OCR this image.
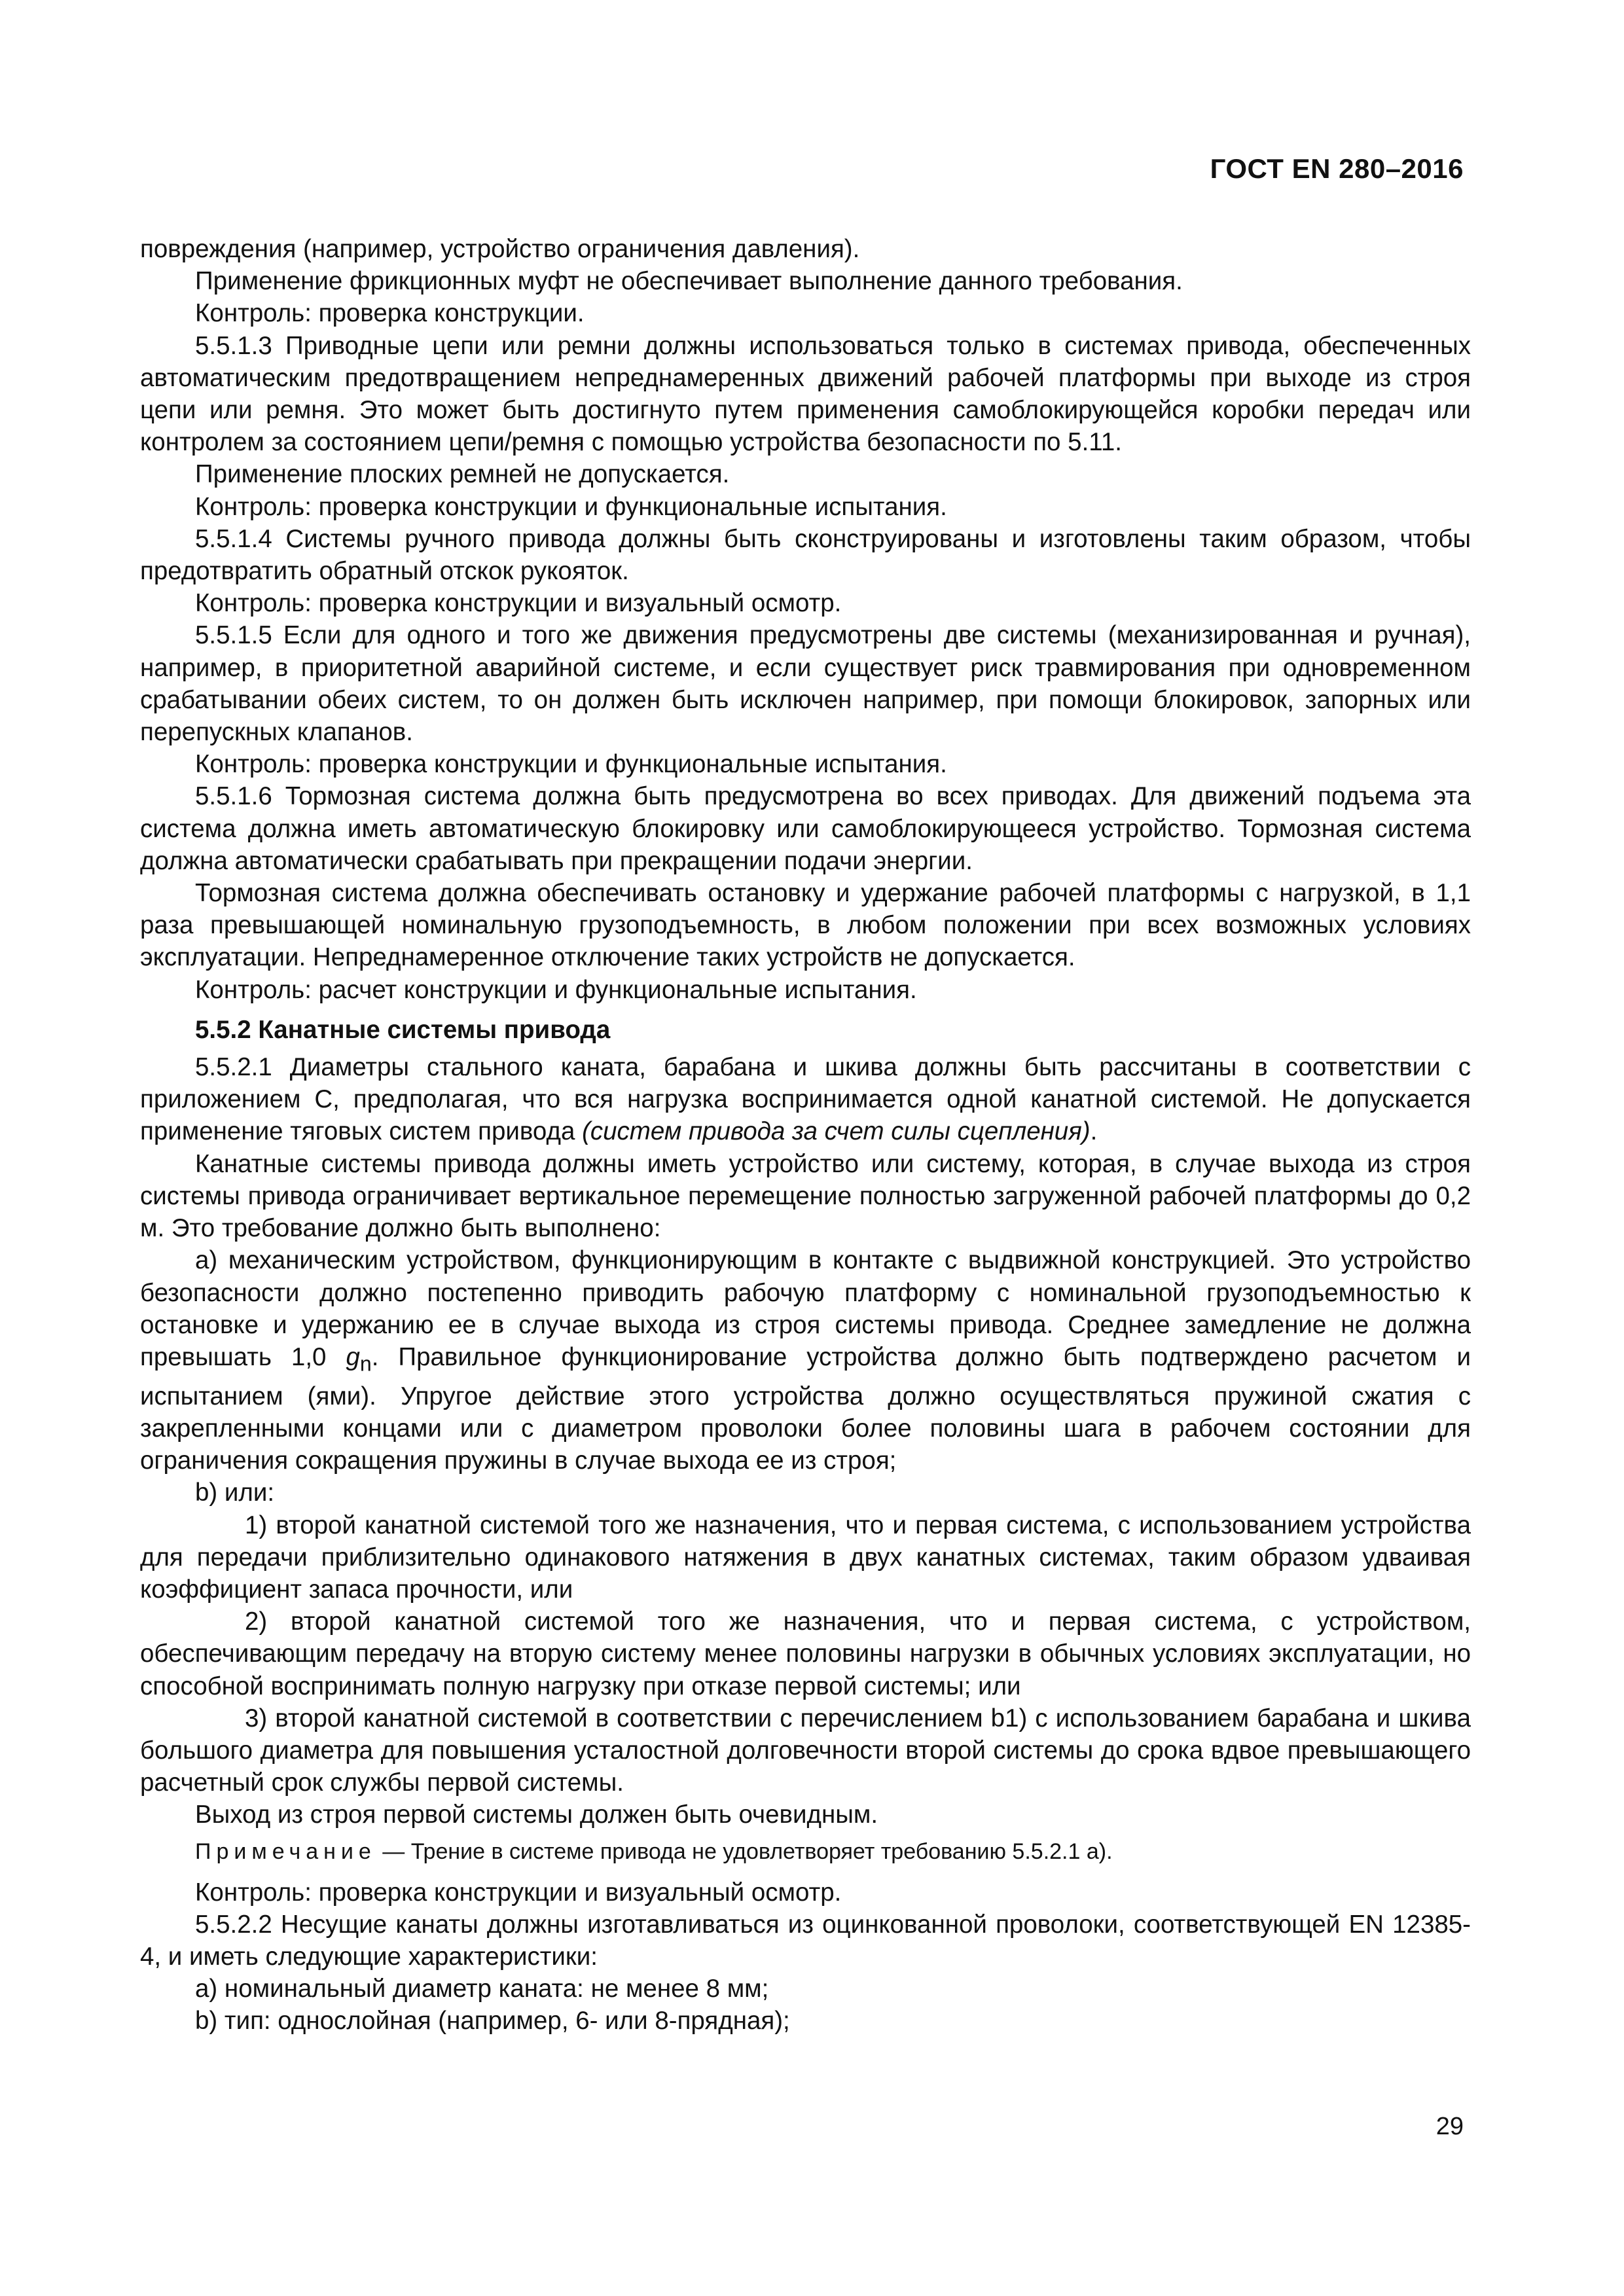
ГОСТ EN 280–2016

повреждения (например, устройство ограничения давления).

Применение фрикционных муфт не обеспечивает выполнение данного требования.

Контроль: проверка конструкции.

5.5.1.3 Приводные цепи или ремни должны использоваться только в системах привода, обеспеченных автоматическим предотвращением непреднамеренных движений рабочей платформы при выходе из строя цепи или ремня. Это может быть достигнуто путем применения самоблокирующейся коробки передач или контролем за состоянием цепи/ремня с помощью устройства безопасности по 5.11.

Применение плоских ремней не допускается.

Контроль: проверка конструкции и функциональные испытания.

5.5.1.4 Системы ручного привода должны быть сконструированы и изготовлены таким образом, чтобы предотвратить обратный отскок рукояток.

Контроль: проверка конструкции и визуальный осмотр.

5.5.1.5 Если для одного и того же движения предусмотрены две системы (механизированная и ручная), например, в приоритетной аварийной системе, и если существует риск травмирования при одновременном срабатывании обеих систем, то он должен быть исключен например, при помощи блокировок, запорных или перепускных клапанов.

Контроль: проверка конструкции и функциональные испытания.

5.5.1.6 Тормозная система должна быть предусмотрена во всех приводах. Для движений подъема эта система должна иметь автоматическую блокировку или самоблокирующееся устройство. Тормозная система должна автоматически срабатывать при прекращении подачи энергии.

Тормозная система должна обеспечивать остановку и удержание рабочей платформы с нагрузкой, в 1,1 раза превышающей номинальную грузоподъемность, в любом положении при всех возможных условиях эксплуатации. Непреднамеренное отключение таких устройств не допускается.

Контроль: расчет конструкции и функциональные испытания.

5.5.2 Канатные системы привода

5.5.2.1 Диаметры стального каната, барабана и шкива должны быть рассчитаны в соответствии с приложением С, предполагая, что вся нагрузка воспринимается одной канатной системой. Не допускается применение тяговых систем привода (систем привода за счет силы сцепления).

Канатные системы привода должны иметь устройство или систему, которая, в случае выхода из строя системы привода ограничивает вертикальное перемещение полностью загруженной рабочей платформы до 0,2 м. Это требование должно быть выполнено:

а) механическим устройством, функционирующим в контакте с выдвижной конструкцией. Это устройство безопасности должно постепенно приводить рабочую платформу с номинальной грузоподъемностью к остановке и удержанию ее в случае выхода из строя системы привода. Среднее замедление не должна превышать 1,0 $g_n$. Правильное функционирование устройства должно быть подтверждено расчетом и испытанием (ями). Упругое действие этого устройства должно осуществляться пружиной сжатия с закрепленными концами или с диаметром проволоки более половины шага в рабочем состоянии для ограничения сокращения пружины в случае выхода ее из строя;

b) или:

1) второй канатной системой того же назначения, что и первая система, с использованием устройства для передачи приблизительно одинакового натяжения в двух канатных системах, таким образом удваивая коэффициент запаса прочности, или

2) второй канатной системой того же назначения, что и первая система, с устройством, обеспечивающим передачу на вторую систему менее половины нагрузки в обычных условиях эксплуатации, но способной воспринимать полную нагрузку при отказе первой системы; или

3) второй канатной системой в соответствии с перечислением b1) с использованием барабана и шкива большого диаметра для повышения усталостной долговечности второй системы до срока вдвое превышающего расчетный срок службы первой системы.

Выход из строя первой системы должен быть очевидным.

Примечание — Трение в системе привода не удовлетворяет требованию 5.5.2.1 а).

Контроль: проверка конструкции и визуальный осмотр.

5.5.2.2 Несущие канаты должны изготавливаться из оцинкованной проволоки, соответствующей EN 12385-4, и иметь следующие характеристики:

а) номинальный диаметр каната: не менее 8 мм;

b) тип: однослойная (например, 6- или 8-прядная);

29
